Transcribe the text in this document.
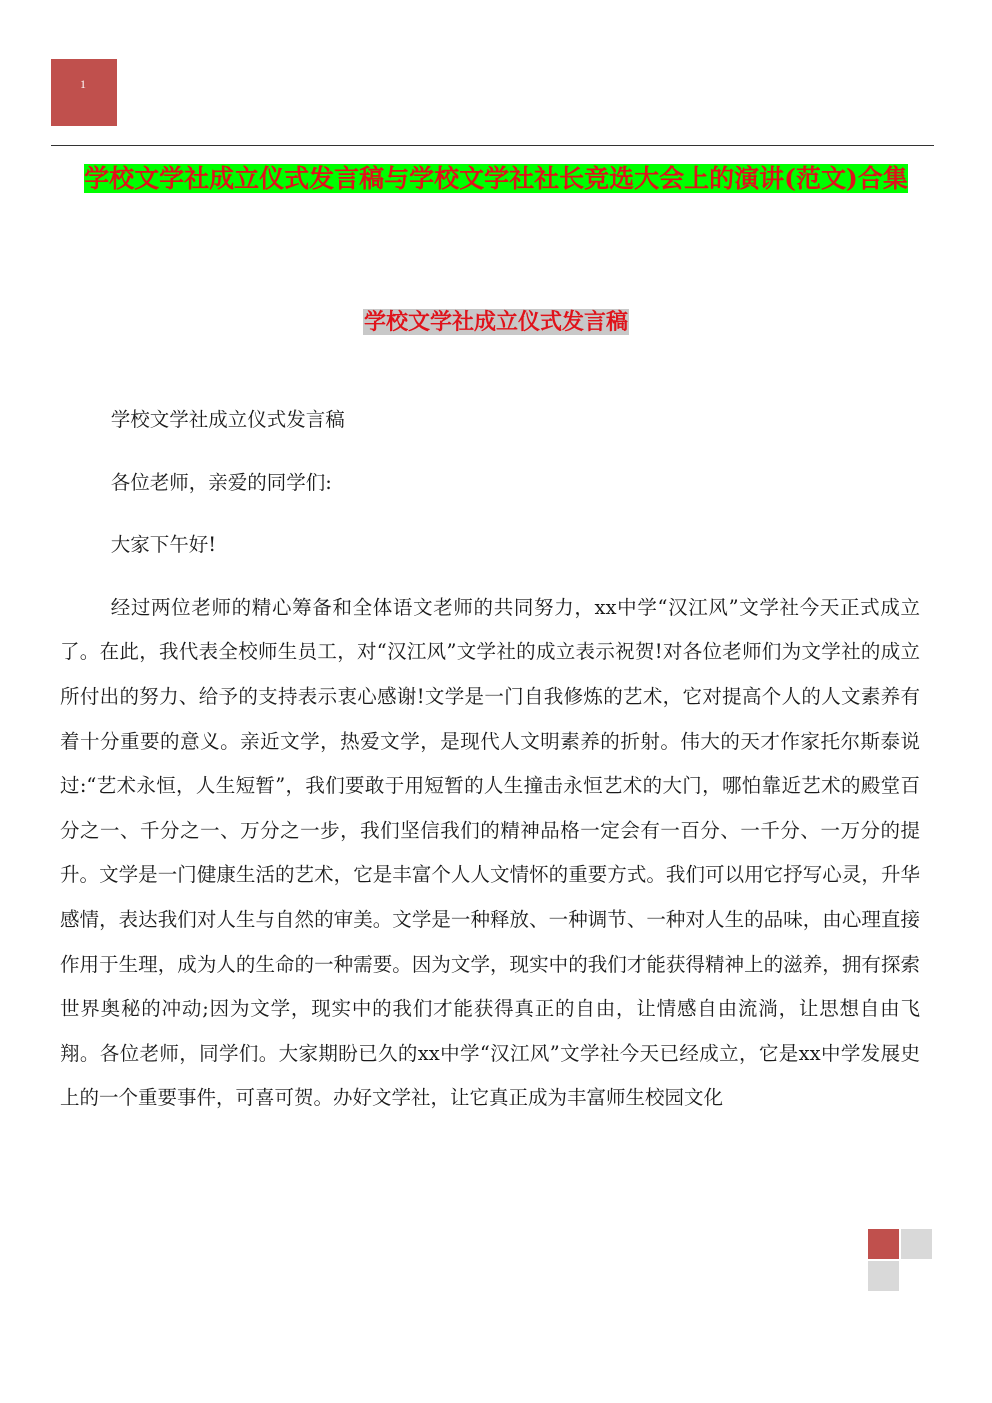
1
学校文学社成立仪式发言稿与学校文学社社长竞选大会上的演讲(范文)合集
学校文学社成立仪式发言稿

学校文学社成立仪式发言稿

各位老师，亲爱的同学们:

大家下午好!

经过两位老师的精心筹备和全体语文老师的共同努力，xx中学“汉江风”文学社今天正式成立了。在此，我代表全校师生员工，对“汉江风”文学社的成立表示祝贺!对各位老师们为文学社的成立所付出的努力、给予的支持表示衷心感谢!文学是一门自我修炼的艺术，它对提高个人的人文素养有着十分重要的意义。亲近文学，热爱文学，是现代人文明素养的折射。伟大的天才作家托尔斯泰说过:“艺术永恒，人生短暂”，我们要敢于用短暂的人生撞击永恒艺术的大门，哪怕靠近艺术的殿堂百分之一、千分之一、万分之一步，我们坚信我们的精神品格一定会有一百分、一千分、一万分的提升。文学是一门健康生活的艺术，它是丰富个人人文情怀的重要方式。我们可以用它抒写心灵，升华感情，表达我们对人生与自然的审美。文学是一种释放、一种调节、一种对人生的品味，由心理直接作用于生理，成为人的生命的一种需要。因为文学，现实中的我们才能获得精神上的滋养，拥有探索世界奥秘的冲动;因为文学，现实中的我们才能获得真正的自由，让情感自由流淌，让思想自由飞翔。各位老师，同学们。大家期盼已久的xx中学“汉江风”文学社今天已经成立，它是xx中学发展史上的一个重要事件，可喜可贺。办好文学社，让它真正成为丰富师生校园文化
